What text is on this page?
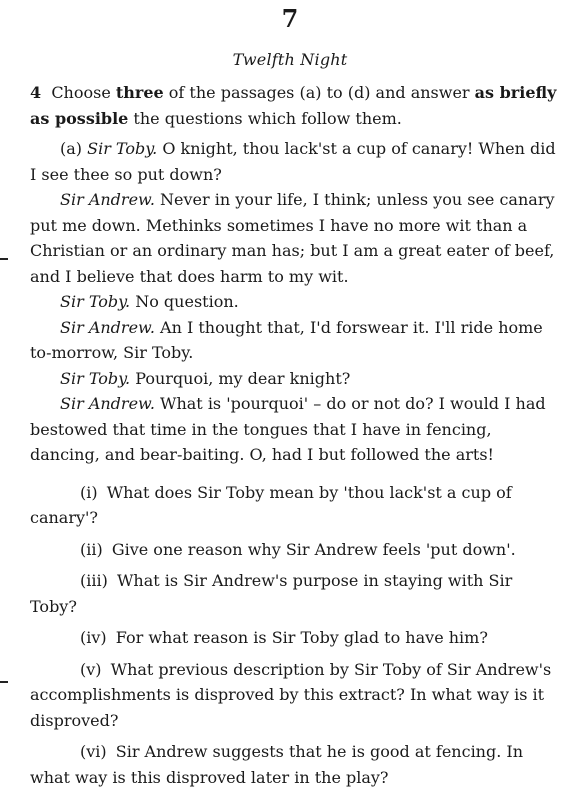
7
Twelfth Night

4 Choose three of the passages (a) to (d) and answer as briefly as possible the questions which follow them.

(a) Sir Toby. O knight, thou lack'st a cup of canary! When did I see thee so put down?

Sir Andrew. Never in your life, I think; unless you see canary put me down. Methinks sometimes I have no more wit than a Christian or an ordinary man has; but I am a great eater of beef, and I believe that does harm to my wit.

Sir Toby. No question.

Sir Andrew. An I thought that, I'd forswear it. I'll ride home to-morrow, Sir Toby.

Sir Toby. Pourquoi, my dear knight?

Sir Andrew. What is 'pourquoi' – do or not do? I would I had bestowed that time in the tongues that I have in fencing, dancing, and bear-baiting. O, had I but followed the arts!

(i) What does Sir Toby mean by 'thou lack'st a cup of canary'?

(ii) Give one reason why Sir Andrew feels 'put down'.

(iii) What is Sir Andrew's purpose in staying with Sir Toby?

(iv) For what reason is Sir Toby glad to have him?

(v) What previous description by Sir Toby of Sir Andrew's accomplishments is disproved by this extract? In what way is it disproved?

(vi) Sir Andrew suggests that he is good at fencing. In what way is this disproved later in the play?
